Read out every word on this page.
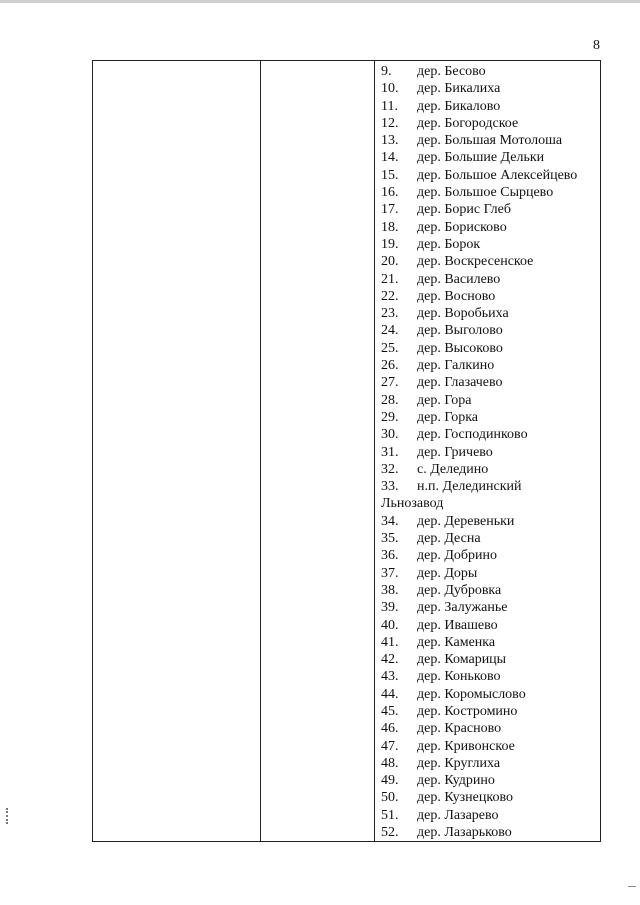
8
9.	дер. Бесово
10.	дер. Бикалиха
11.	дер. Бикалово
12.	дер. Богородское
13.	дер. Большая Мотолоша
14.	дер. Большие Дельки
15.	дер. Большое Алексейцево
16.	дер. Большое Сырцево
17.	дер. Борис Глеб
18.	дер. Борисково
19.	дер. Борок
20.	дер. Воскресенское
21.	дер. Василево
22.	дер. Восново
23.	дер. Воробьиха
24.	дер. Выголово
25.	дер. Высоково
26.	дер. Галкино
27.	дер. Глазачево
28.	дер. Гора
29.	дер. Горка
30.	дер. Господинково
31.	дер. Гричево
32.	с. Деледино
33.	н.п. Делединский
Льнозавод
34.	дер. Деревеньки
35.	дер. Десна
36.	дер. Добрино
37.	дер. Доры
38.	дер. Дубровка
39.	дер. Залужанье
40.	дер. Ивашево
41.	дер. Каменка
42.	дер. Комарицы
43.	дер. Коньково
44.	дер. Коромыслово
45.	дер. Костромино
46.	дер. Красново
47.	дер. Кривонское
48.	дер. Круглиха
49.	дер. Кудрино
50.	дер. Кузнецково
51.	дер. Лазарево
52.	дер. Лазарьково
